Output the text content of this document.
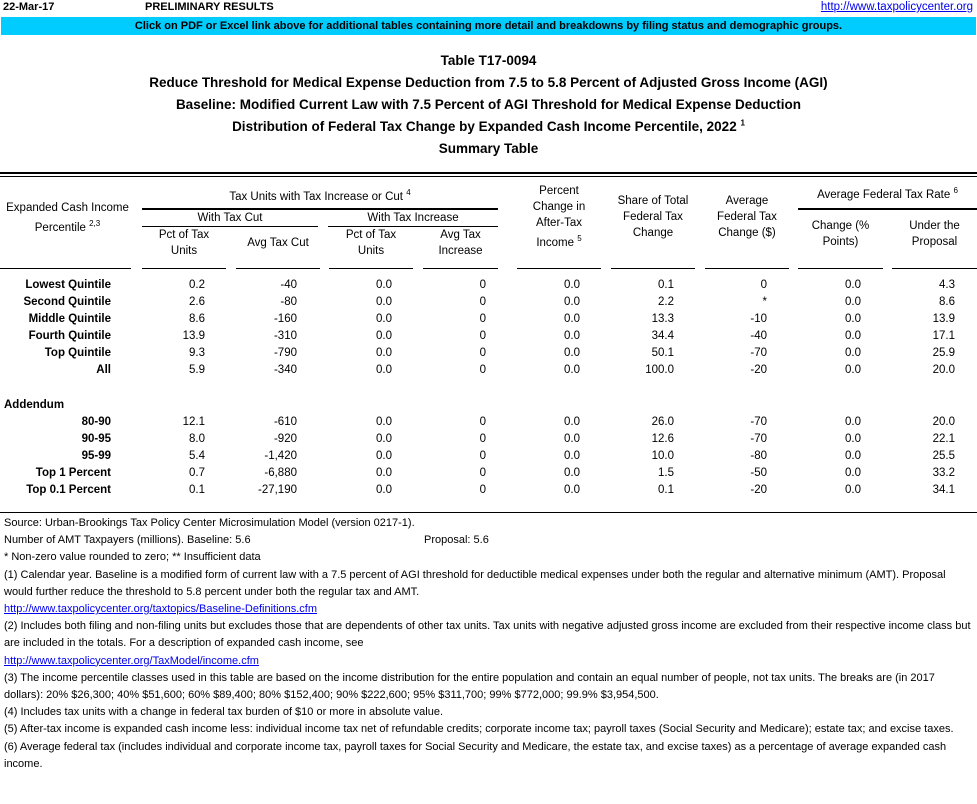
22-Mar-17	PRELIMINARY RESULTS	http://www.taxpolicycenter.org
Click on PDF or Excel link above for additional tables containing more detail and breakdowns by filing status and demographic groups.
Table T17-0094
Reduce Threshold for Medical Expense Deduction from 7.5 to 5.8 Percent of Adjusted Gross Income (AGI)
Baseline: Modified Current Law with 7.5 Percent of AGI Threshold for Medical Expense Deduction
Distribution of Federal Tax Change by Expanded Cash Income Percentile, 2022 $^1$
Summary Table
Expanded Cash Income
Percentile $^{2,3}$
Tax Units with Tax Increase or Cut $^4$
With Tax Cut	With Tax Increase
Pct of Tax
Units
Avg Tax Cut
Pct of Tax
Units
Avg Tax
Increase
Percent
Change in
After-Tax
Income $^5$
Share of Total
Federal Tax
Change
Average
Federal Tax
Change ($)
Average Federal Tax Rate $^6$
Change (%
Points)
Under the
Proposal
Lowest Quintile	0.2	-40	0.0	0	0.0	0.1	0	0.0	4.3
Second Quintile	2.6	-80	0.0	0	0.0	2.2	*	0.0	8.6
Middle Quintile	8.6	-160	0.0	0	0.0	13.3	-10	0.0	13.9
Fourth Quintile	13.9	-310	0.0	0	0.0	34.4	-40	0.0	17.1
Top Quintile	9.3	-790	0.0	0	0.0	50.1	-70	0.0	25.9
All	5.9	-340	0.0	0	0.0	100.0	-20	0.0	20.0
Addendum
80-90	12.1	-610	0.0	0	0.0	26.0	-70	0.0	20.0
90-95	8.0	-920	0.0	0	0.0	12.6	-70	0.0	22.1
95-99	5.4	-1,420	0.0	0	0.0	10.0	-80	0.0	25.5
Top 1 Percent	0.7	-6,880	0.0	0	0.0	1.5	-50	0.0	33.2
Top 0.1 Percent	0.1	-27,190	0.0	0	0.0	0.1	-20	0.0	34.1

Source: Urban-Brookings Tax Policy Center Microsimulation Model (version 0217-1).

Number of AMT Taxpayers (millions). Baseline: 5.6	Proposal: 5.6

* Non-zero value rounded to zero; ** Insufficient data

(1) Calendar year. Baseline is a modified form of current law with a 7.5 percent of AGI threshold for deductible medical expenses under both the regular and alternative minimum (AMT). Proposal would further reduce the threshold to 5.8 percent under both the regular tax and AMT.

http://www.taxpolicycenter.org/taxtopics/Baseline-Definitions.cfm

(2) Includes both filing and non-filing units but excludes those that are dependents of other tax units. Tax units with negative adjusted gross income are excluded from their respective income class but are included in the totals. For a description of expanded cash income, see

http://www.taxpolicycenter.org/TaxModel/income.cfm

(3) The income percentile classes used in this table are based on the income distribution for the entire population and contain an equal number of people, not tax units. The breaks are (in 2017 dollars): 20% $26,300; 40% $51,600; 60% $89,400; 80% $152,400; 90% $222,600; 95% $311,700; 99% $772,000; 99.9% $3,954,500.

(4) Includes tax units with a change in federal tax burden of $10 or more in absolute value.

(5) After-tax income is expanded cash income less: individual income tax net of refundable credits; corporate income tax; payroll taxes (Social Security and Medicare); estate tax; and excise taxes.

(6) Average federal tax (includes individual and corporate income tax, payroll taxes for Social Security and Medicare, the estate tax, and excise taxes) as a percentage of average expanded cash income.
